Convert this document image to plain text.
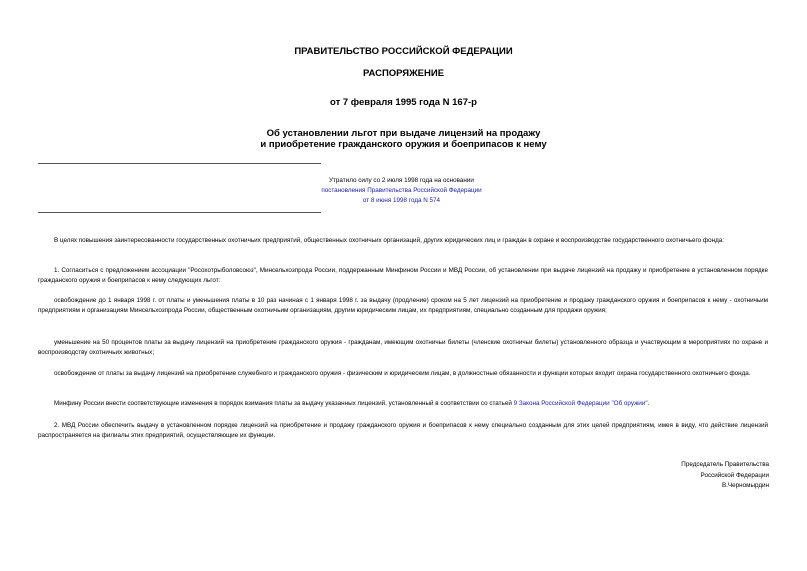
ПРАВИТЕЛЬСТВО РОССИЙСКОЙ ФЕДЕРАЦИИ
РАСПОРЯЖЕНИЕ
от 7 февраля 1995 года N 167-р
Об установлении льгот при выдаче лицензий на продажу
и приобретение гражданского оружия и боеприпасов к нему
Утратило силу со 2 июля 1998 года на основании
постановления Правительства Российской Федерации
от 8 июня 1998 года N 574

В целях повышения заинтересованности государственных охотничьих предприятий, общественных охотничьих организаций, других юридических лиц и граждан в охране и воспроизводстве государственного охотничьего фонда:

1. Согласиться с предложением ассоциации "Росохотрыболовсоюз", Минсельхозпрода России, поддержанным Минфином России и МВД России, об установлении при выдаче лицензий на продажу и приобретение в установленном порядке гражданского оружия и боеприпасов к нему следующих льгот:

освобождение до 1 января 1998 г. от платы и уменьшения платы в 10 раз начиная с 1 января 1998 г. за выдачу (продление) сроком на 5 лет лицензий на приобретение и продажу гражданского оружия и боеприпасов к нему - охотничьим предприятиям и организациям Минсельхозпрода России, общественным охотничьим организациям, другим юридическим лицам, их предприятиям, специально созданным для продажи оружия;

уменьшение на 50 процентов платы за выдачу лицензий на приобретение гражданского оружия - гражданам, имеющим охотничьи билеты (членские охотничьи билеты) установленного образца и участвующим в мероприятиях по охране и воспроизводству охотничьих животных;

освобождение от платы за выдачу лицензий на приобретение служебного и гражданского оружия - физическим и юридическим лицам, в должностные обязанности и функции которых входит охрана государственного охотничьего фонда.

Минфину России внести соответствующие изменения в порядок взимания платы за выдачу указанных лицензий, установленный в соответствии со статьей 9 Закона Российской Федерации "Об оружии".

2. МВД России обеспечить выдачу в установленном порядке лицензий на приобретение и продажу гражданского оружия и боеприпасов к нему специально созданным для этих целей предприятиям, имея в виду, что действие лицензий распространяется на филиалы этих предприятий, осуществляющие их функции.

Председатель Правительства
Российской Федерации
В.Черномырдин
